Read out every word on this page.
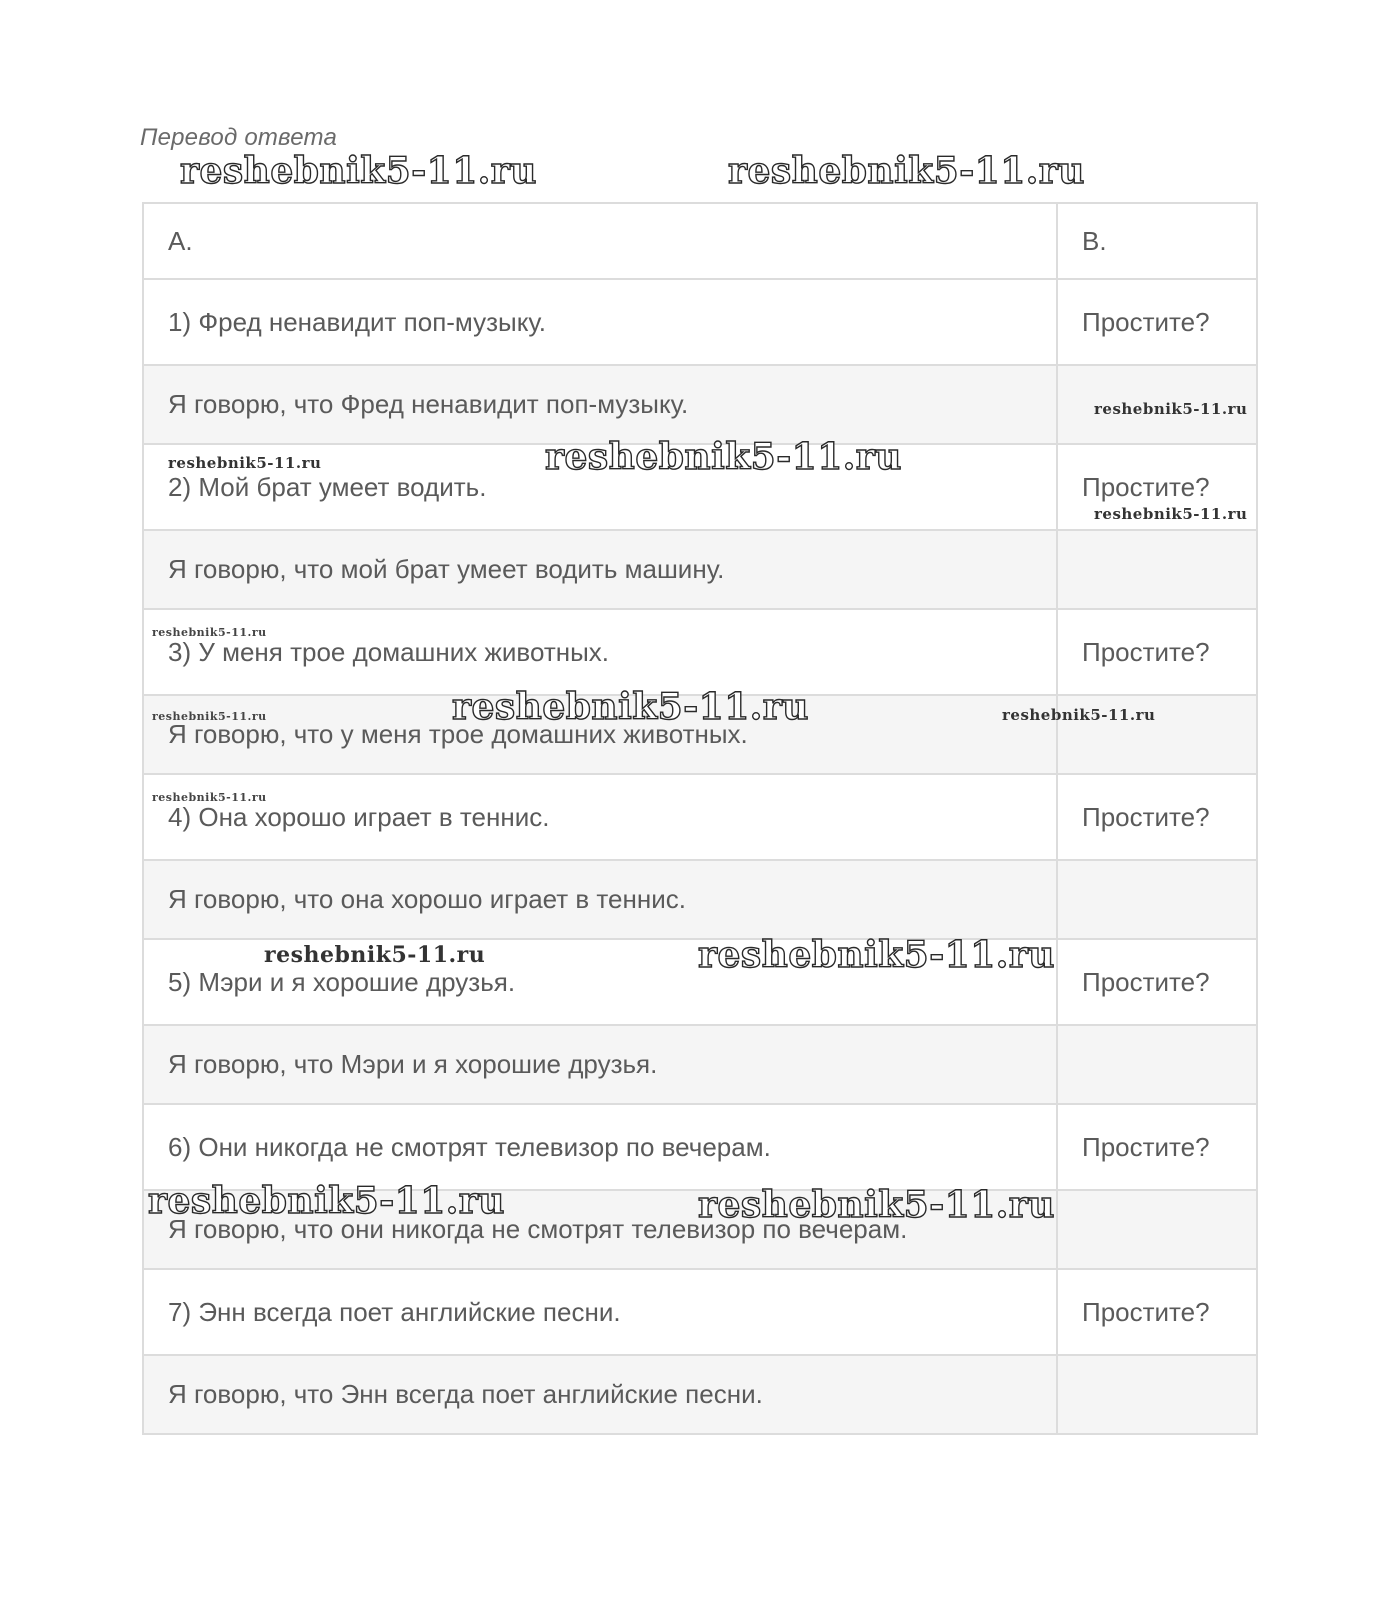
Перевод ответа
A.	B.
1) Фред ненавидит поп-музыку.	Простите?
Я говорю, что Фред ненавидит поп-музыку.	
2) Мой брат умеет водить.	Простите?
Я говорю, что мой брат умеет водить машину.	
3) У меня трое домашних животных.	Простите?
Я говорю, что у меня трое домашних животных.	
4) Она хорошо играет в теннис.	Простите?
Я говорю, что она хорошо играет в теннис.	
5) Мэри и я хорошие друзья.	Простите?
Я говорю, что Мэри и я хорошие друзья.	
6) Они никогда не смотрят телевизор по вечерам.	Простите?
Я говорю, что они никогда не смотрят телевизор по вечерам.	
7) Энн всегда поет английские песни.	Простите?
Я говорю, что Энн всегда поет английские песни.	
reshebnik5-11.ru	reshebnik5-11.ru
reshebnik5-11.ru
reshebnik5-11.ru	reshebnik5-11.ru
reshebnik5-11.ru
reshebnik5-11.ru
reshebnik5-11.ru	reshebnik5-11.ru	reshebnik5-11.ru
reshebnik5-11.ru
reshebnik5-11.ru	reshebnik5-11.ru
reshebnik5-11.ru	reshebnik5-11.ru
